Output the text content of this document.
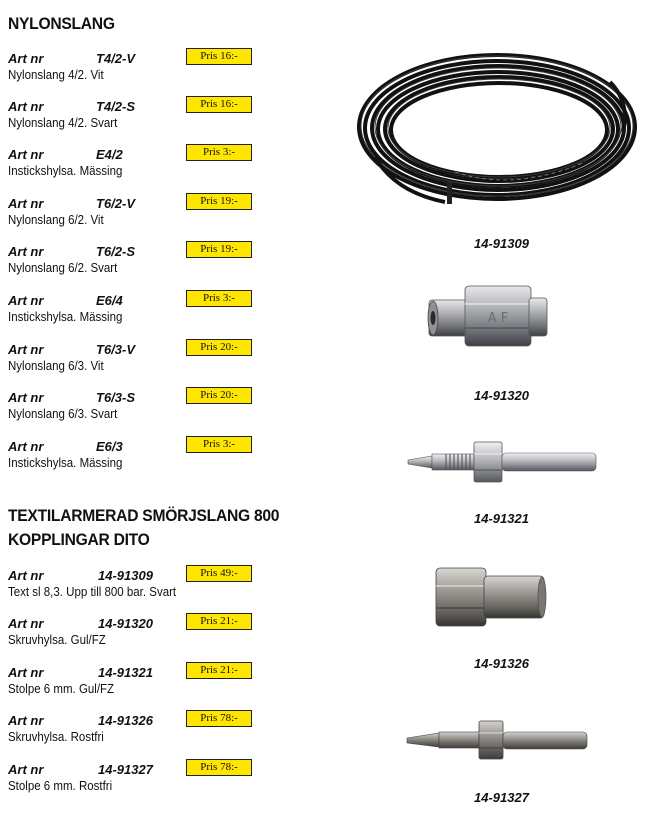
NYLONSLANG
Art nr	T4/2-V	Pris 16:-
Nylonslang 4/2. Vit
Art nr	T4/2-S	Pris 16:-
Nylonslang 4/2. Svart
Art nr	E4/2	Pris 3:-
Instickshylsa. Mässing
Art nr	T6/2-V	Pris 19:-
Nylonslang 6/2. Vit
Art nr	T6/2-S	Pris 19:-
Nylonslang 6/2. Svart
Art nr	E6/4	Pris 3:-
Instickshylsa. Mässing
Art nr	T6/3-V	Pris 20:-
Nylonslang 6/3. Vit
Art nr	T6/3-S	Pris 20:-
Nylonslang 6/3. Svart
Art nr	E6/3	Pris 3:-
Instickshylsa. Mässing
TEXTILARMERAD SMÖRJSLANG 800
KOPPLINGAR DITO
Art nr	14-91309	Pris 49:-
Text sl 8,3. Upp till 800 bar. Svart
Art nr	14-91320	Pris 21:-
Skruvhylsa. Gul/FZ
Art nr	14-91321	Pris 21:-
Stolpe 6 mm. Gul/FZ
Art nr	14-91326	Pris 78:-
Skruvhylsa. Rostfri
Art nr	14-91327	Pris 78:-
Stolpe 6 mm. Rostfri
14-91309
A F
14-91320
14-91321
14-91326
14-91327
